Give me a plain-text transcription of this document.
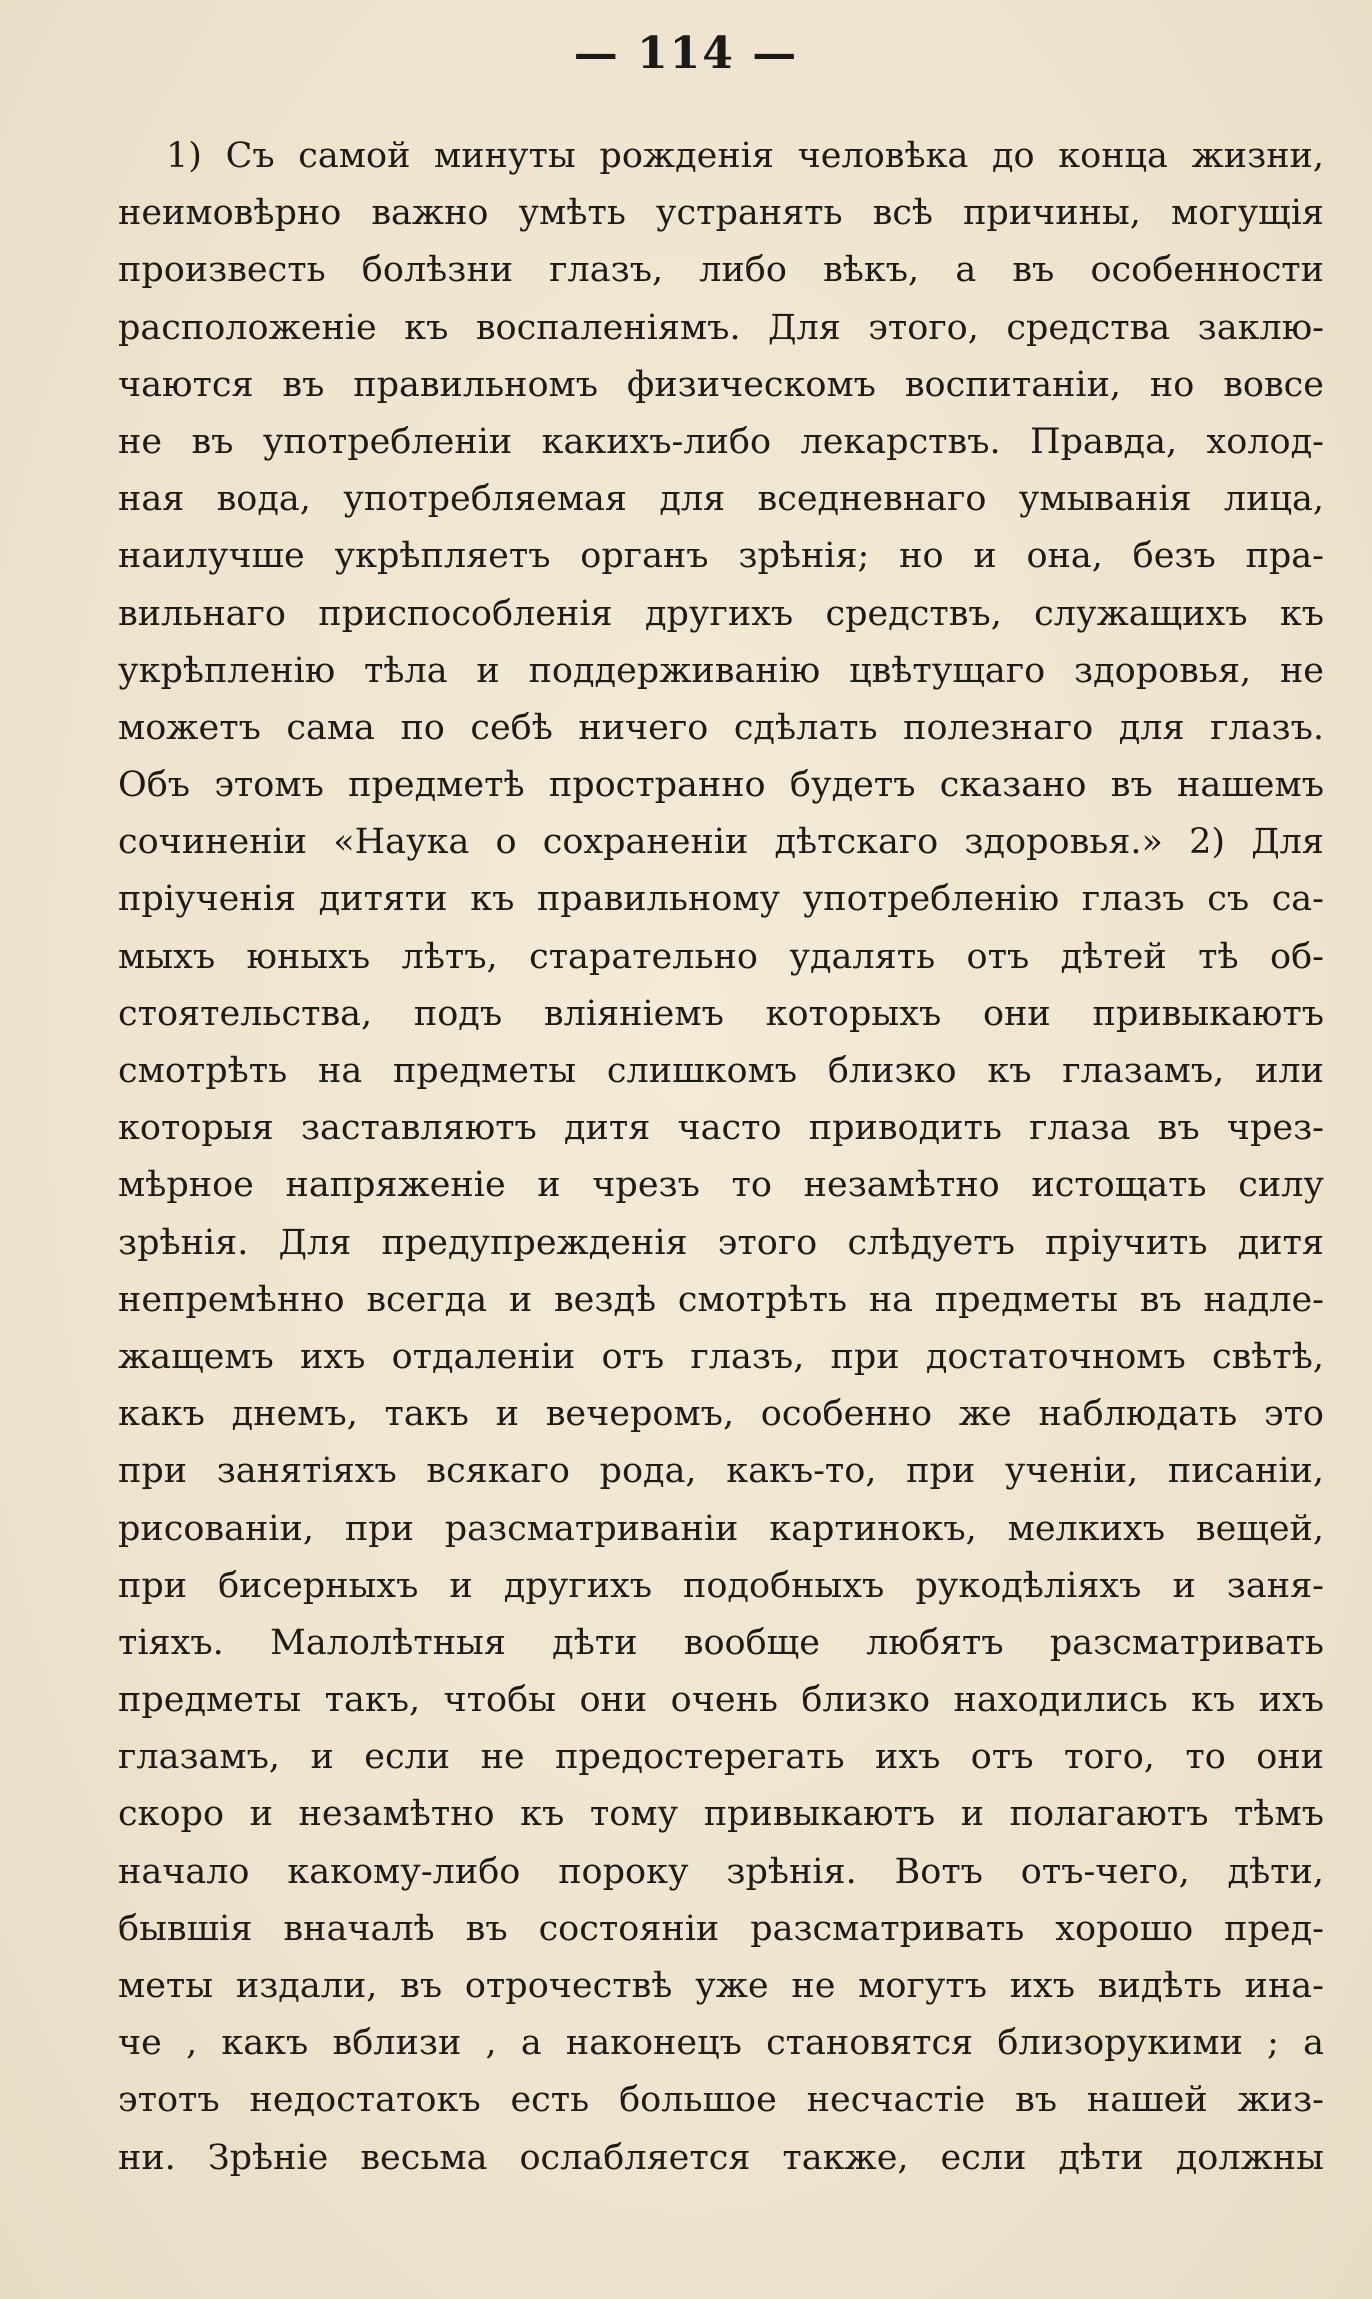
— 114 —
1) Съ самой минуты рожденія человѣка до конца жизни,
неимовѣрно важно умѣть устранять всѣ причины, могущія
произвесть болѣзни глазъ, либо вѣкъ, а въ особенности
расположеніе къ воспаленіямъ. Для этого, средства заклю-
чаются въ правильномъ физическомъ воспитаніи, но вовсе
не въ употребленіи какихъ-либо лекарствъ. Правда, холод-
ная вода, употребляемая для вседневнаго умыванія лица,
наилучше укрѣпляетъ органъ зрѣнія; но и она, безъ пра-
вильнаго приспособленія другихъ средствъ, служащихъ къ
укрѣпленію тѣла и поддерживанію цвѣтущаго здоровья, не
можетъ сама по себѣ ничего сдѣлать полезнаго для глазъ.
Объ этомъ предметѣ пространно будетъ сказано въ нашемъ
сочиненіи «Наука о сохраненіи дѣтскаго здоровья.» 2) Для
пріученія дитяти къ правильному употребленію глазъ съ са-
мыхъ юныхъ лѣтъ, старательно удалять отъ дѣтей тѣ об-
стоятельства, подъ вліяніемъ которыхъ они привыкаютъ
смотрѣть на предметы слишкомъ близко къ глазамъ, или
которыя заставляютъ дитя часто приводить глаза въ чрез-
мѣрное напряженіе и чрезъ то незамѣтно истощать силу
зрѣнія. Для предупрежденія этого слѣдуетъ пріучить дитя
непремѣнно всегда и вездѣ смотрѣть на предметы въ надле-
жащемъ ихъ отдаленіи отъ глазъ, при достаточномъ свѣтѣ,
какъ днемъ, такъ и вечеромъ, особенно же наблюдать это
при занятіяхъ всякаго рода, какъ-то, при ученіи, писаніи,
рисованіи, при разсматриваніи картинокъ, мелкихъ вещей,
при бисерныхъ и другихъ подобныхъ рукодѣліяхъ и заня-
тіяхъ. Малолѣтныя дѣти вообще любятъ разсматривать
предметы такъ, чтобы они очень близко находились къ ихъ
глазамъ, и если не предостерегать ихъ отъ того, то они
скоро и незамѣтно къ тому привыкаютъ и полагаютъ тѣмъ
начало какому-либо пороку зрѣнія. Вотъ отъ-чего, дѣти,
бывшія вначалѣ въ состояніи разсматривать хорошо пред-
меты издали, въ отрочествѣ уже не могутъ ихъ видѣть ина-
че , какъ вблизи , а наконецъ становятся близорукими ; а
этотъ недостатокъ есть большое несчастіе въ нашей жиз-
ни. Зрѣніе весьма ослабляется также, если дѣти должны
